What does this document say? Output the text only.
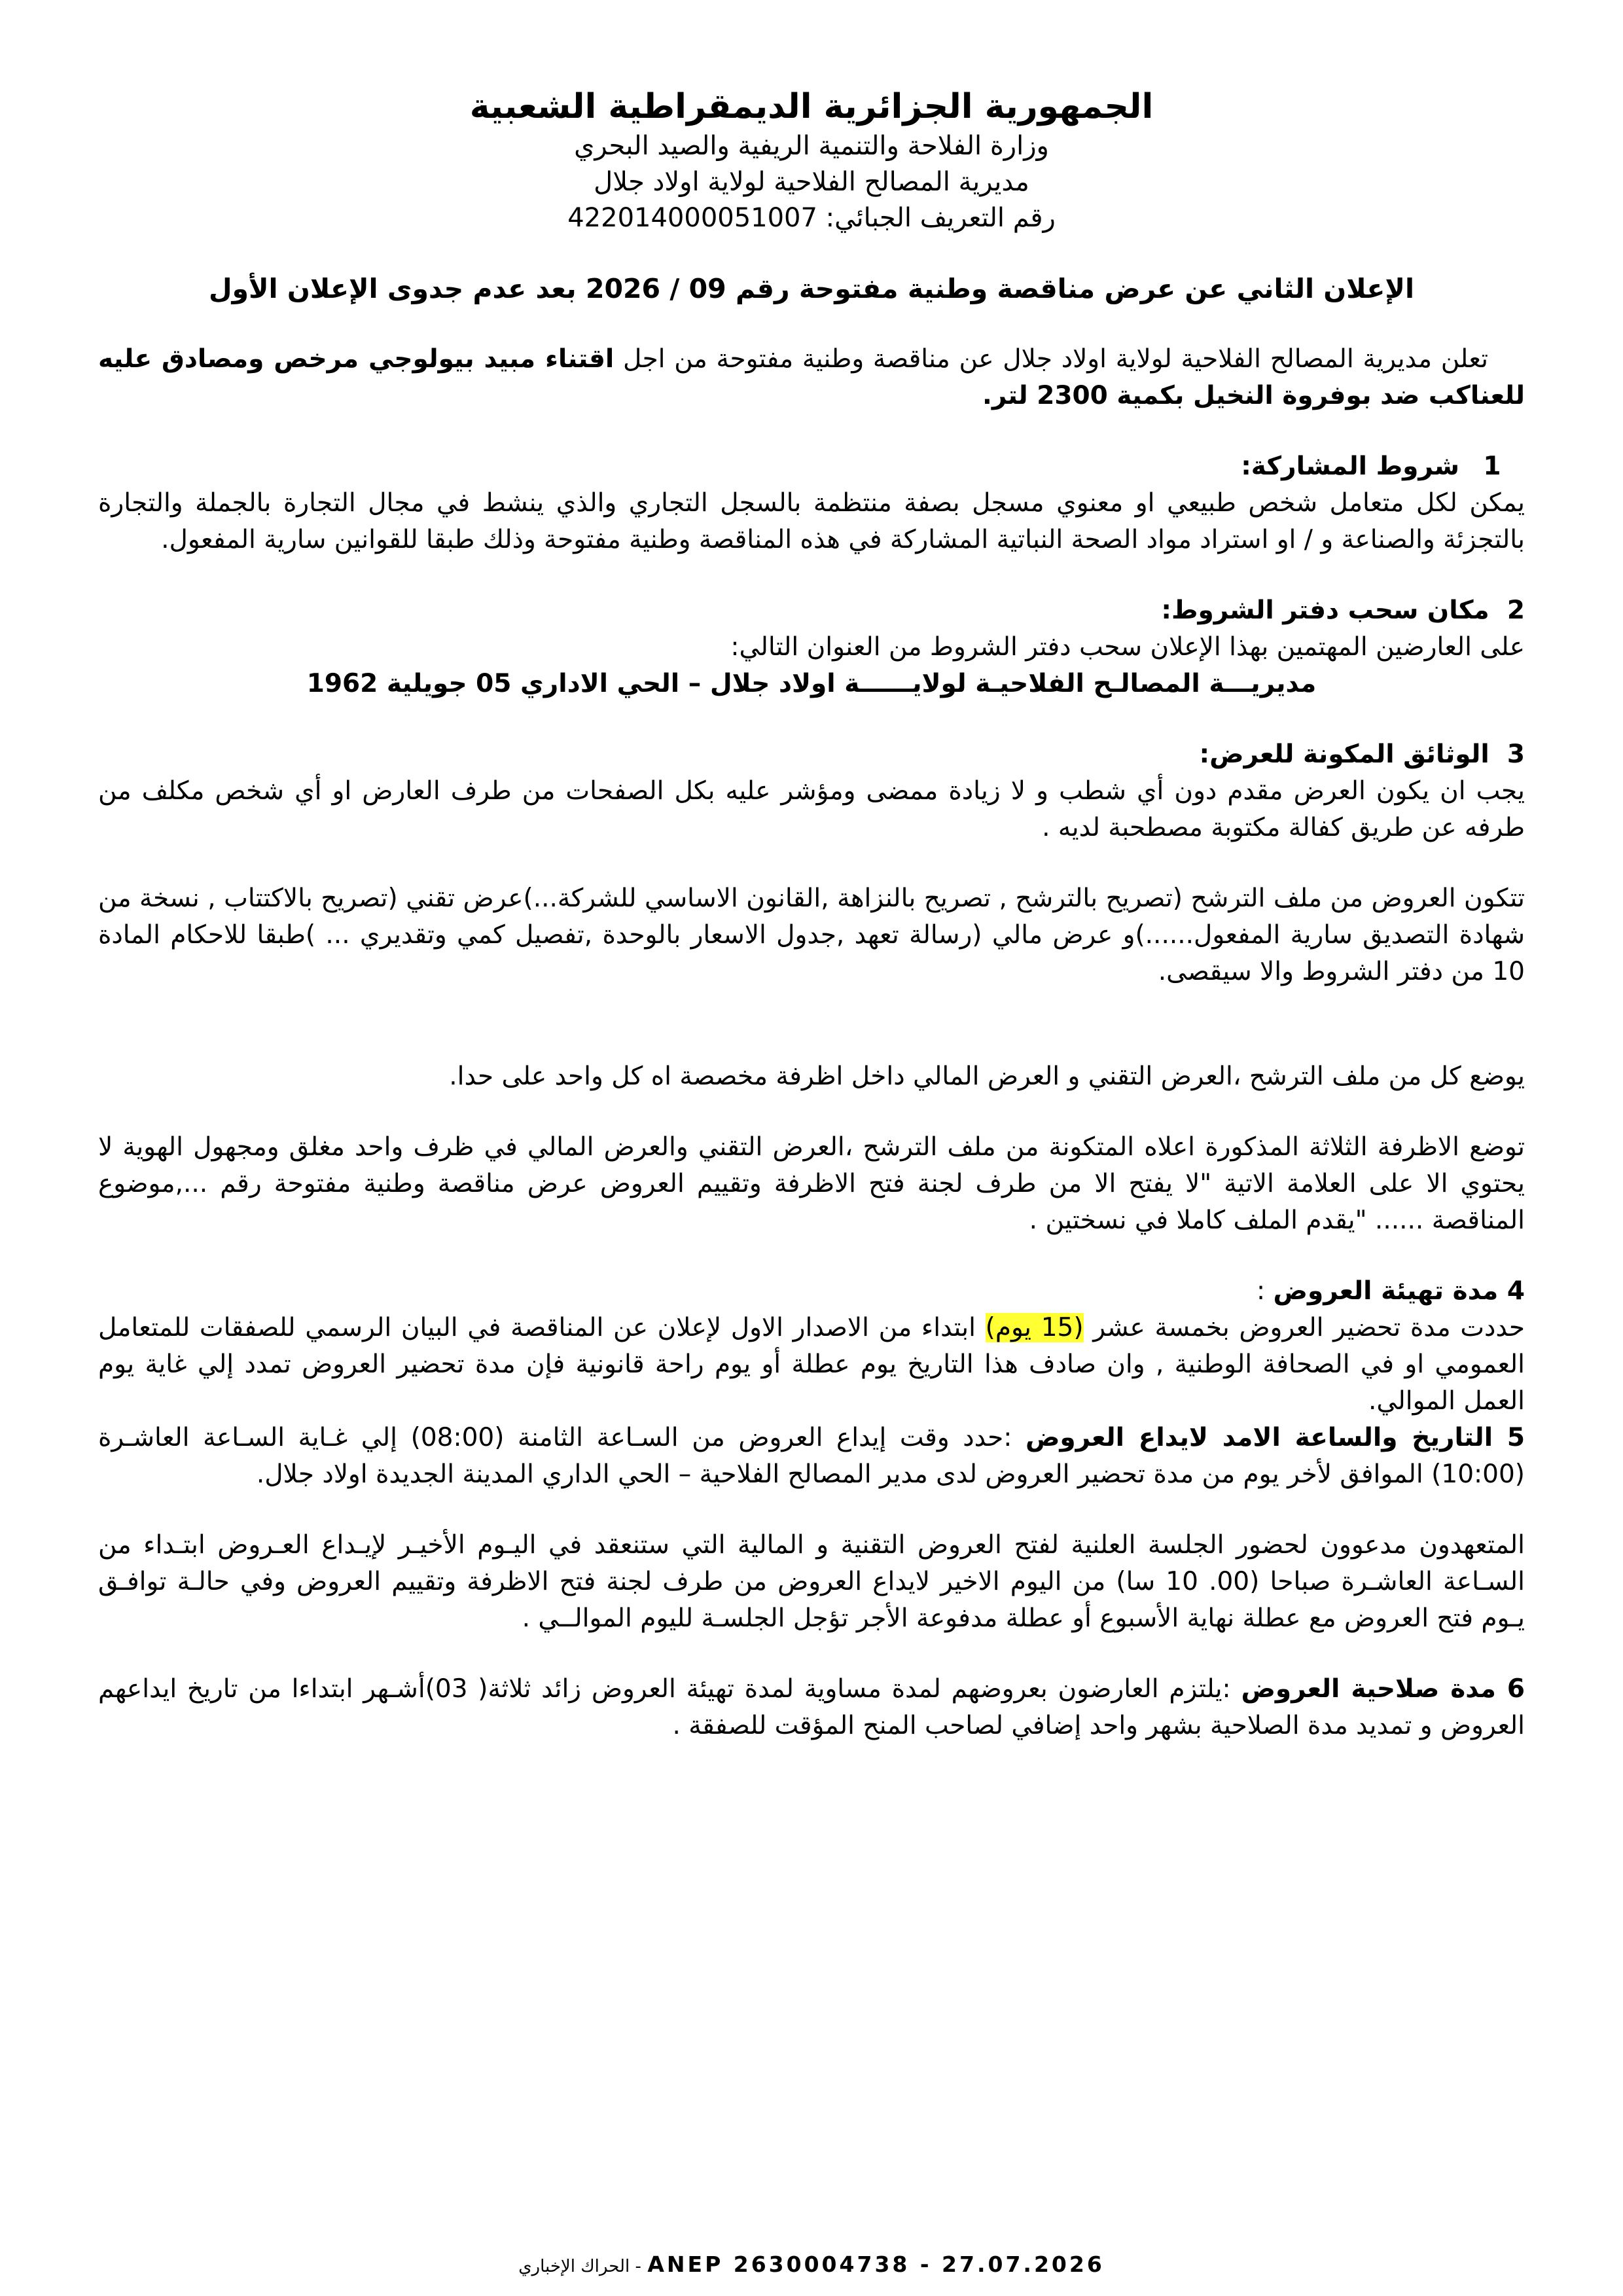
الجمهورية الجزائرية الديمقراطية الشعبية
وزارة الفلاحة والتنمية الريفية والصيد البحري
مديرية المصالح الفلاحية لولاية اولاد جلال
رقم التعريف الجبائي: 422014000051007
الإعلان الثاني عن عرض مناقصة وطنية مفتوحة رقم 09 / 2026 بعد عدم جدوى الإعلان الأول
تعلن مديرية المصالح الفلاحية لولاية اولاد جلال عن مناقصة وطنية مفتوحة من اجل اقتناء مبيد بيولوجي مرخص ومصادق عليه للعناكب ضد بوفروة النخيل بكمية 2300 لتر.
1شروط المشاركة:
يمكن لكل متعامل شخص طبيعي او معنوي مسجل بصفة منتظمة بالسجل التجاري والذي ينشط في مجال التجارة بالجملة والتجارة بالتجزئة والصناعة و / او استراد مواد الصحة النباتية المشاركة في هذه المناقصة وطنية مفتوحة وذلك طبقا للقوانين سارية المفعول.
2  مكان سحب دفتر الشروط:
على العارضين المهتمين بهذا الإعلان سحب دفتر الشروط من العنوان التالي:
مديريـــة المصالـح الفلاحيـة لولايــــــة اولاد جلال – الحي الاداري 05 جويلية 1962
3  الوثائق المكونة للعرض:
يجب ان يكون العرض مقدم دون أي شطب و لا زيادة ممضى ومؤشر عليه بكل الصفحات من طرف العارض او أي شخص مكلف من طرفه عن طريق كفالة مكتوبة مصطحبة لديه .
تتكون العروض من ملف الترشح (تصريح بالترشح , تصريح بالنزاهة ,القانون الاساسي للشركة...)عرض تقني (تصريح بالاكتتاب , نسخة من شهادة التصديق سارية المفعول......)و عرض مالي (رسالة تعهد ,جدول الاسعار بالوحدة ,تفصيل كمي وتقديري ... )طبقا للاحكام المادة 10 من دفتر الشروط والا سيقصى.
يوضع كل من ملف الترشح ،العرض التقني و العرض المالي داخل اظرفة مخصصة اه كل واحد على حدا.
توضع الاظرفة الثلاثة المذكورة اعلاه المتكونة من ملف الترشح ،العرض التقني والعرض المالي في ظرف واحد مغلق ومجهول الهوية لا يحتوي الا على العلامة الاتية "لا يفتح الا من طرف لجنة فتح الاظرفة وتقييم العروض عرض مناقصة وطنية مفتوحة رقم ...,موضوع المناقصة ...... "يقدم الملف كاملا في نسختين .
4 مدة تهيئة العروض :
حددت مدة تحضير العروض بخمسة عشر (15 يوم) ابتداء من الاصدار الاول لإعلان عن المناقصة في البيان الرسمي للصفقات للمتعامل العمومي او في الصحافة الوطنية , وان صادف هذا التاريخ يوم عطلة أو يوم راحة قانونية فإن مدة تحضير العروض تمدد إلي غاية يوم العمل الموالي.
5 التاريخ والساعة الامد لايداع العروض :حدد وقت إيداع العروض من السـاعة الثامنة (08:00) إلي غـاية السـاعة العاشـرة (10:00) الموافق لأخر يوم من مدة تحضير العروض لدى مدير المصالح الفلاحية – الحي الداري المدينة الجديدة اولاد جلال.
المتعهدون مدعوون لحضور الجلسة العلنية لفتح العروض التقنية و المالية التي ستنعقد في اليـوم الأخيـر لإيـداع العـروض ابتـداء من السـاعة العاشـرة صباحا (00. 10 سا) من اليوم الاخير لايداع العروض من طرف لجنة فتح الاظرفة وتقييم العروض وفي حالـة توافـق يـوم فتح العروض مع عطلة نهاية الأسبوع أو عطلة مدفوعة الأجر تؤجل الجلسـة لليوم الموالــي .
6 مدة صلاحية العروض :يلتزم العارضون بعروضهم لمدة مساوية لمدة تهيئة العروض زائد ثلاثة( 03)أشـهر ابتداءا من تاريخ ايداعهم العروض و تمديد مدة الصلاحية بشهر واحد إضافي لصاحب المنح المؤقت للصفقة .
- الحراك الإخباري ANEP 2630004738 - 27.07.2026
